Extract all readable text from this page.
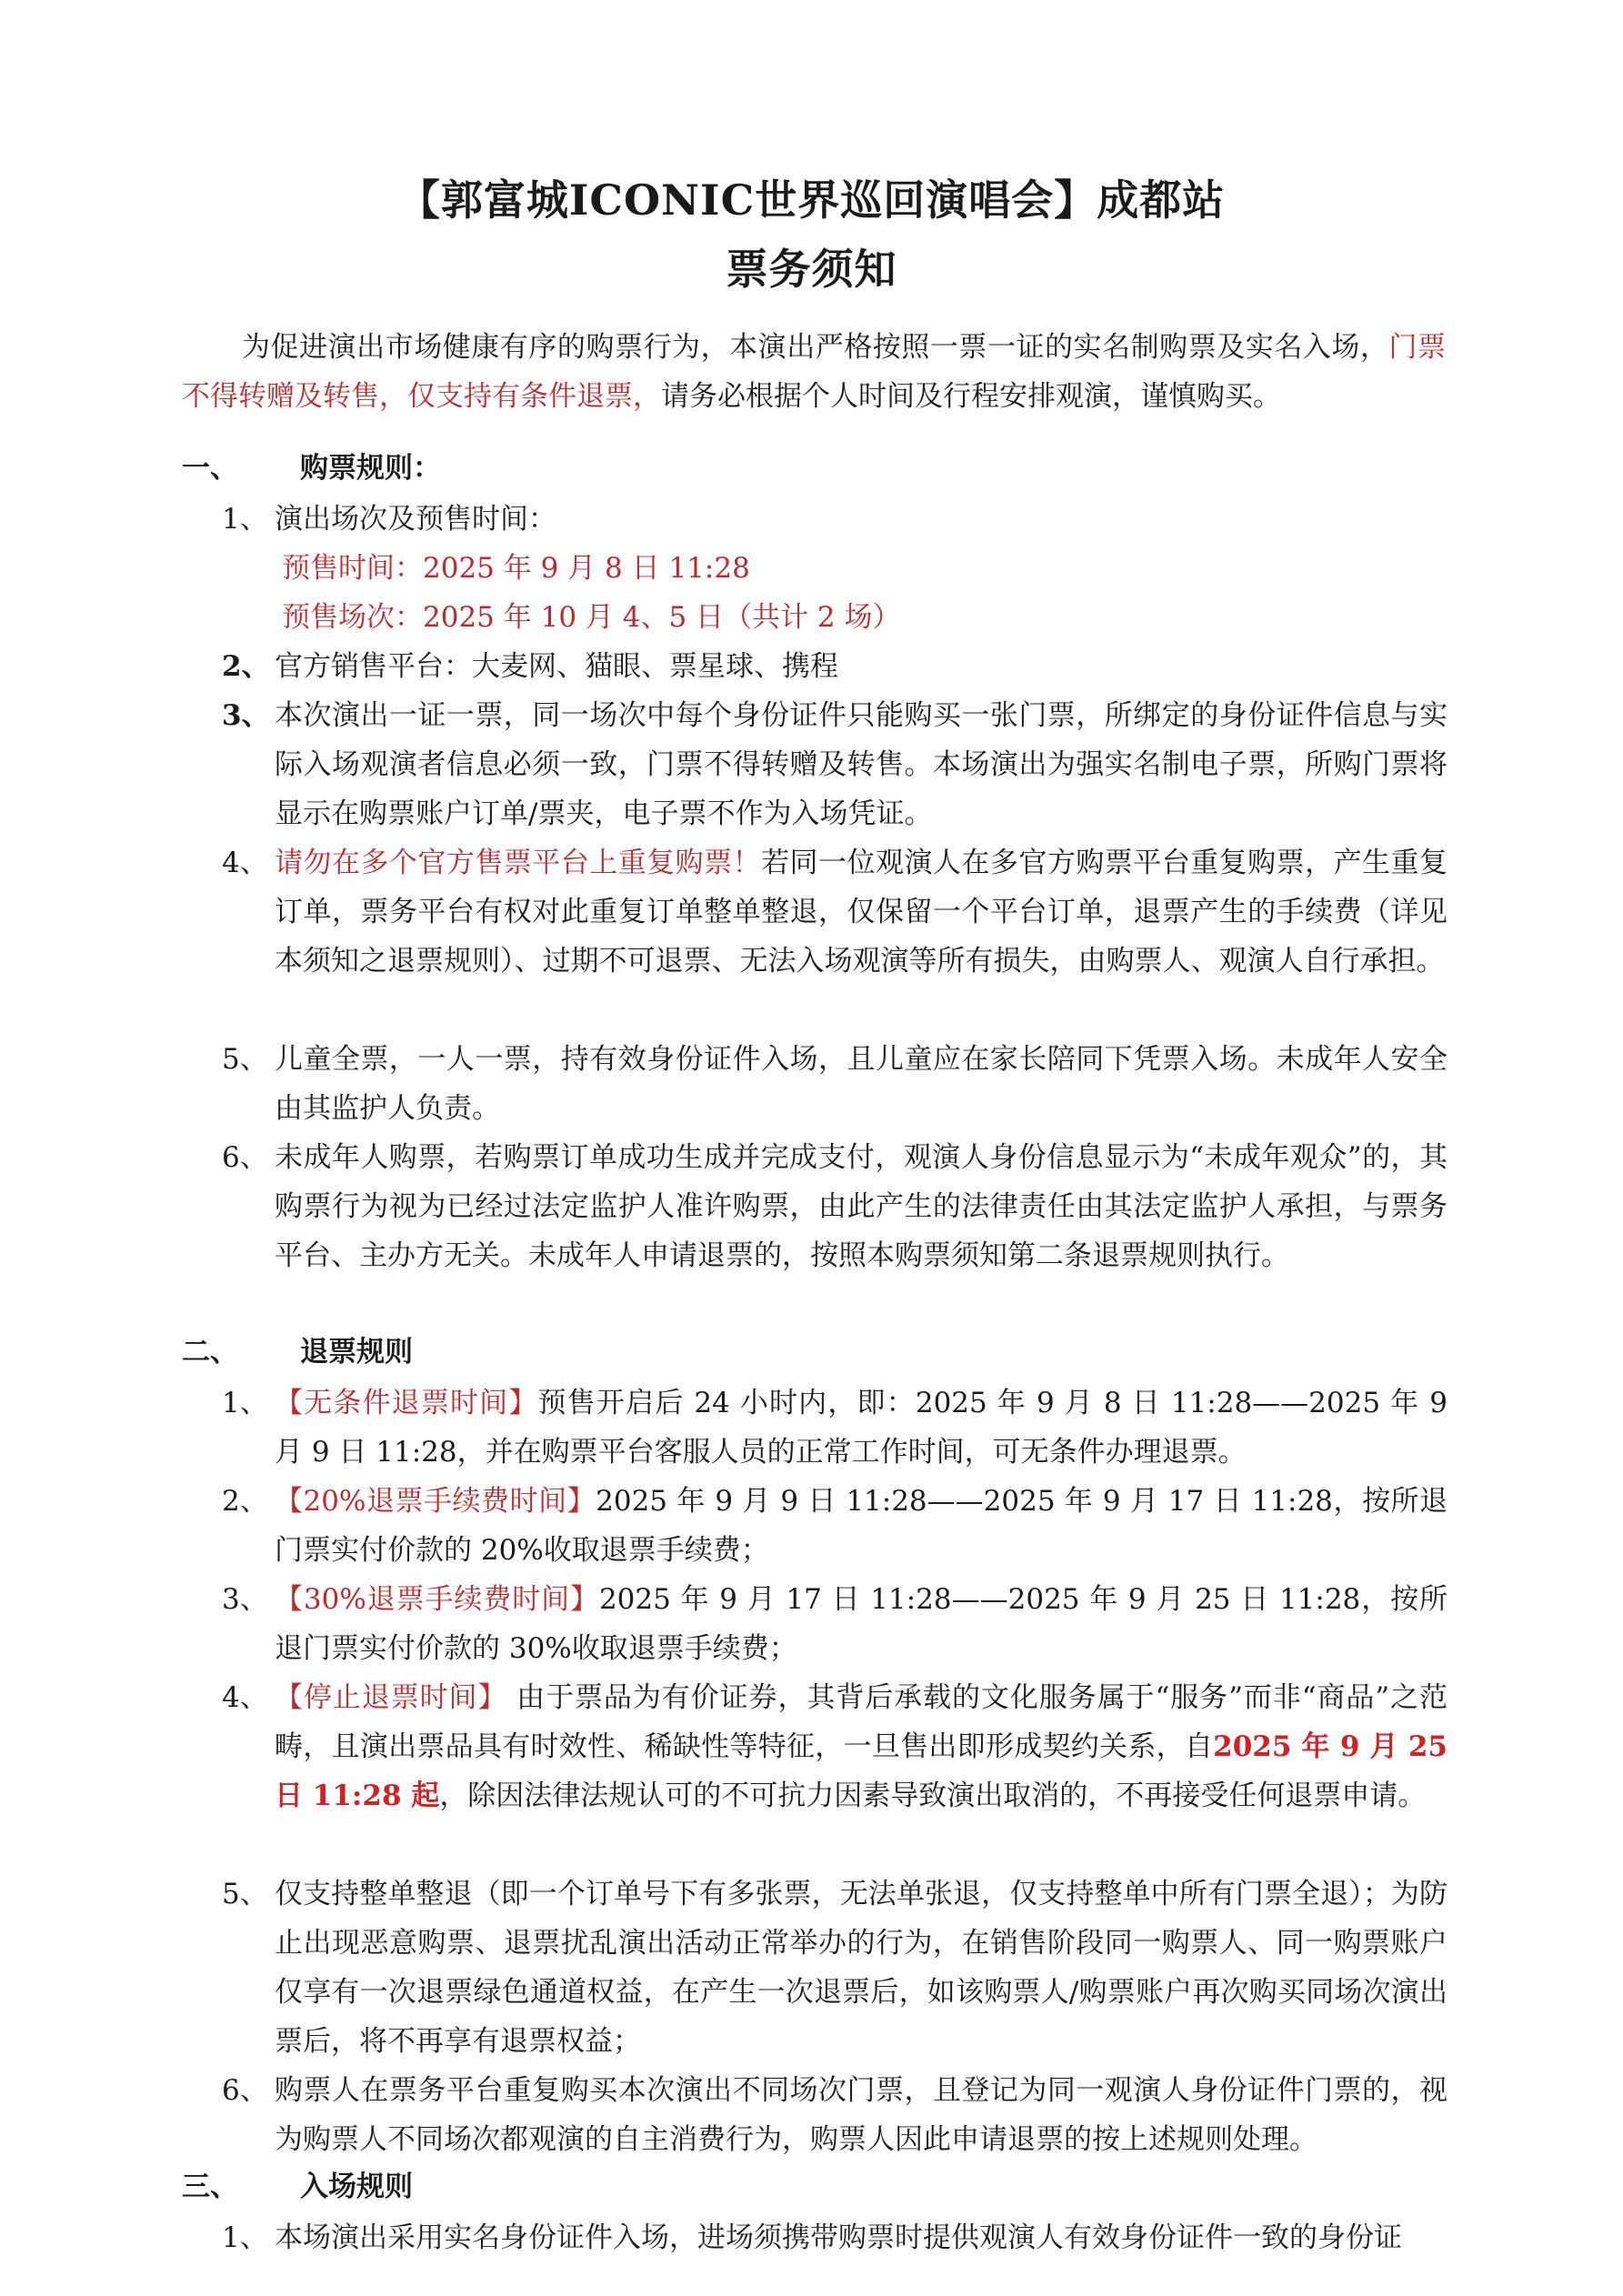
【郭富城ICONIC世界巡回演唱会】成都站
票务须知
为促进演出市场健康有序的购票行为，本演出严格按照一票一证的实名制购票及实名入场，门票不得转赠及转售，仅支持有条件退票，请务必根据个人时间及行程安排观演，谨慎购买。
一、 购票规则：
1、 演出场次及预售时间：
预售时间：2025 年 9 月 8 日 11:28
预售场次：2025 年 10 月 4、5 日（共计 2 场）
2、 官方销售平台：大麦网、猫眼、票星球、携程
3、 本次演出一证一票，同一场次中每个身份证件只能购买一张门票，所绑定的身份证件信息与实际入场观演者信息必须一致，门票不得转赠及转售。本场演出为强实名制电子票，所购门票将显示在购票账户订单/票夹，电子票不作为入场凭证。
4、 请勿在多个官方售票平台上重复购票！若同一位观演人在多官方购票平台重复购票，产生重复订单，票务平台有权对此重复订单整单整退，仅保留一个平台订单，退票产生的手续费（详见本须知之退票规则）、过期不可退票、无法入场观演等所有损失，由购票人、观演人自行承担。
5、 儿童全票，一人一票，持有效身份证件入场，且儿童应在家长陪同下凭票入场。未成年人安全由其监护人负责。
6、 未成年人购票，若购票订单成功生成并完成支付，观演人身份信息显示为“未成年观众”的，其购票行为视为已经过法定监护人准许购票，由此产生的法律责任由其法定监护人承担，与票务平台、主办方无关。未成年人申请退票的，按照本购票须知第二条退票规则执行。
二、 退票规则
1、 【无条件退票时间】预售开启后 24 小时内，即：2025 年 9 月 8 日 11:28——2025 年 9 月 9 日 11:28，并在购票平台客服人员的正常工作时间，可无条件办理退票。
2、 【20%退票手续费时间】2025 年 9 月 9 日 11:28——2025 年 9 月 17 日 11:28，按所退门票实付价款的 20%收取退票手续费；
3、 【30%退票手续费时间】2025 年 9 月 17 日 11:28——2025 年 9 月 25 日 11:28，按所退门票实付价款的 30%收取退票手续费；
4、 【停止退票时间】 由于票品为有价证券，其背后承载的文化服务属于“服务”而非“商品”之范畴，且演出票品具有时效性、稀缺性等特征，一旦售出即形成契约关系，自2025 年 9 月 25 日 11:28 起，除因法律法规认可的不可抗力因素导致演出取消的，不再接受任何退票申请。
5、 仅支持整单整退（即一个订单号下有多张票，无法单张退，仅支持整单中所有门票全退）；为防止出现恶意购票、退票扰乱演出活动正常举办的行为，在销售阶段同一购票人、同一购票账户仅享有一次退票绿色通道权益，在产生一次退票后，如该购票人/购票账户再次购买同场次演出票后，将不再享有退票权益；
6、 购票人在票务平台重复购买本次演出不同场次门票，且登记为同一观演人身份证件门票的，视为购票人不同场次都观演的自主消费行为，购票人因此申请退票的按上述规则处理。
三、 入场规则
1、 本场演出采用实名身份证件入场，进场须携带购票时提供观演人有效身份证件一致的身份证
